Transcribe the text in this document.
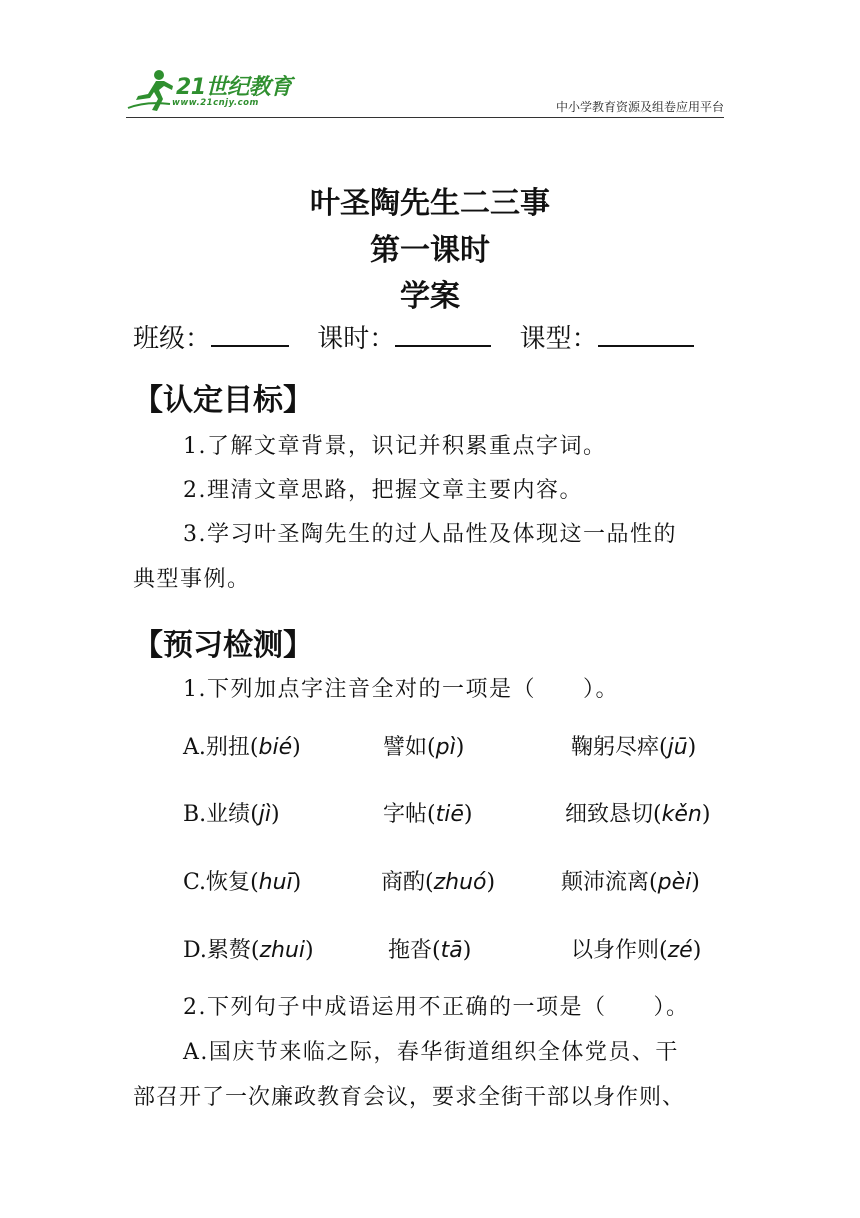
21世纪教育
www.21cnjy.com	中小学教育资源及组卷应用平台
叶圣陶先生二三事
第一课时
学案
班级：	课时：	课型：
【认定目标】
1.了解文章背景，识记并积累重点字词。
2.理清文章思路，把握文章主要内容。
3.学习叶圣陶先生的过人品性及体现这一品性的
典型事例。
【预习检测】
1.下列加点字注音全对的一项是（　　）。
A.别扭(bié)	譬如(pì)	鞠躬尽瘁(jū)
B.业绩(jì)	字帖(tiē)	细致恳切(kěn)
C.恢复(huī)	商酌(zhuó)	颠沛流离(pèi)
D.累赘(zhui)	拖沓(tā)	以身作则(zé)
2.下列句子中成语运用不正确的一项是（　　）。
A.国庆节来临之际，春华街道组织全体党员、干
部召开了一次廉政教育会议，要求全街干部以身作则、
